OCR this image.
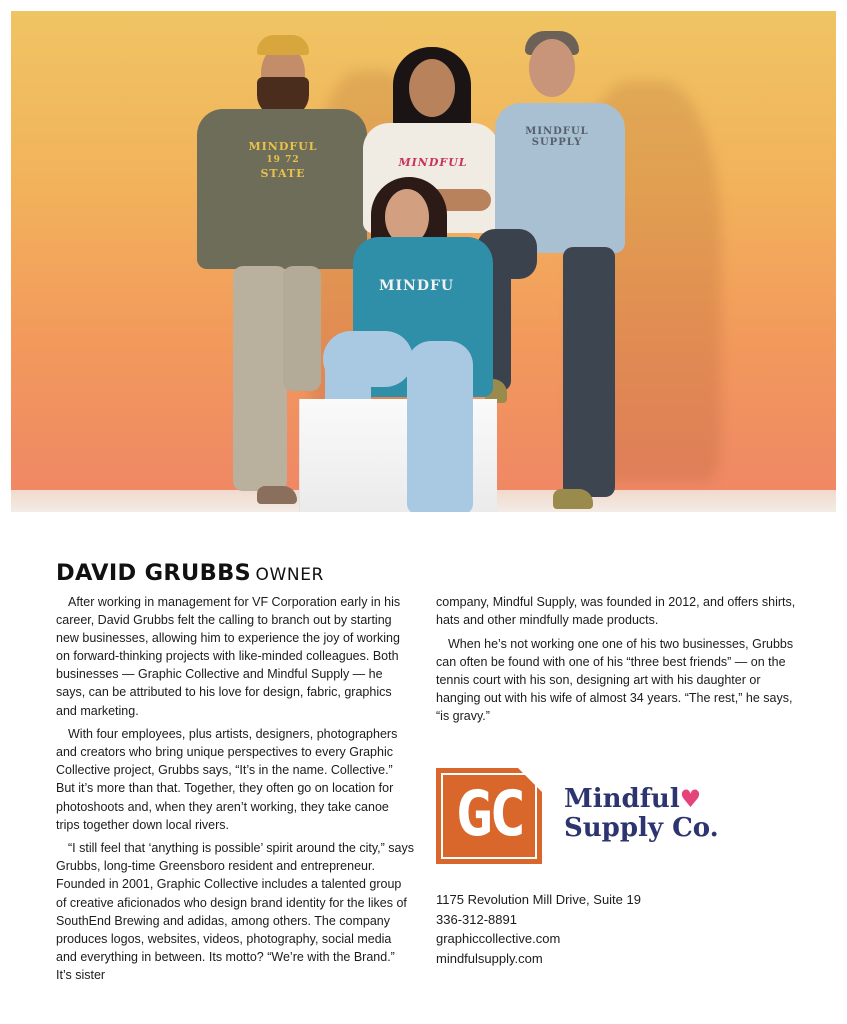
MINDFUL
19 72
STATE
MINDFUL
MINDFUL
SUPPLY
MINDFU
DAVID GRUBBS OWNER

After working in management for VF Corporation early in his career, David Grubbs felt the calling to branch out by starting new businesses, allowing him to experience the joy of working on forward-thinking projects with like-minded colleagues. Both businesses — Graphic Collective and Mindful Supply — he says, can be attributed to his love for design, fabric, graphics and marketing.

With four employees, plus artists, designers, photographers and creators who bring unique perspectives to every Graphic Collective project, Grubbs says, “It’s in the name. Collective.” But it’s more than that. Together, they often go on location for photoshoots and, when they aren’t working, they take canoe trips together down local rivers.

“I still feel that ‘anything is possible’ spirit around the city,” says Grubbs, long-time Greensboro resident and entrepreneur. Founded in 2001, Graphic Collective includes a talented group of creative aficionados who design brand identity for the likes of SouthEnd Brewing and adidas, among others. The company produces logos, websites, videos, photography, social media and everything in between. Its motto? “We’re with the Brand.” It’s sister

company, Mindful Supply, was founded in 2012, and offers shirts, hats and other mindfully made products.

When he’s not working one one of his two businesses, Grubbs can often be found with one of his “three best friends” — on the tennis court with his son, designing art with his daughter or hanging out with his wife of almost 34 years. “The rest,” he says, “is gravy.”

GC	Mindful♥
Supply Co.
1175 Revolution Mill Drive, Suite 19
336-312-8891
graphiccollective.com
mindfulsupply.com
